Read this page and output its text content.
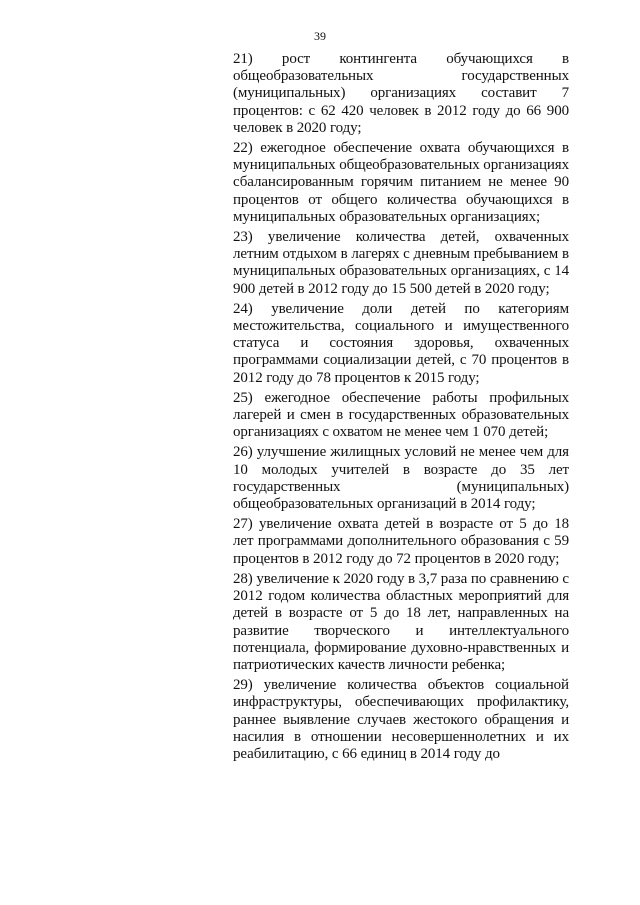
39

21) рост контингента обучающихся в общеобразовательных государственных (муниципальных) организациях составит 7 процентов: с 62 420 человек в 2012 году до 66 900 человек в 2020 году;

22) ежегодное обеспечение охвата обучающихся в муниципальных общеобразовательных организациях сбалансированным горячим питанием не менее 90 процентов от общего количества обучающихся в муниципальных образовательных организациях;

23) увеличение количества детей, охваченных летним отдыхом в лагерях с дневным пребыванием в муниципальных образовательных организациях, с 14 900 детей в 2012 году до 15 500 детей в 2020 году;

24) увеличение доли детей по категориям местожительства, социального и имущественного статуса и состояния здоровья, охваченных программами социализации детей, с 70 процентов в 2012 году до 78 процентов к 2015 году;

25) ежегодное обеспечение работы профильных лагерей и смен в государственных образовательных организациях с охватом не менее чем 1 070 детей;

26) улучшение жилищных условий не менее чем для 10 молодых учителей в возрасте до 35 лет государственных (муниципальных) общеобразовательных организаций в 2014 году;

27) увеличение охвата детей в возрасте от 5 до 18 лет программами дополнительного образования с 59 процентов в 2012 году до 72 процентов в 2020 году;

28) увеличение к 2020 году в 3,7 раза по сравнению с 2012 годом количества областных мероприятий для детей в возрасте от 5 до 18 лет, направленных на развитие творческого и интеллектуального потенциала, формирование духовно-нравственных и патриотических качеств личности ребенка;

29) увеличение количества объектов социальной инфраструктуры, обеспечивающих профилактику, раннее выявление случаев жестокого обращения и насилия в отношении несовершеннолетних и их реабилитацию, с 66 единиц в 2014 году до
